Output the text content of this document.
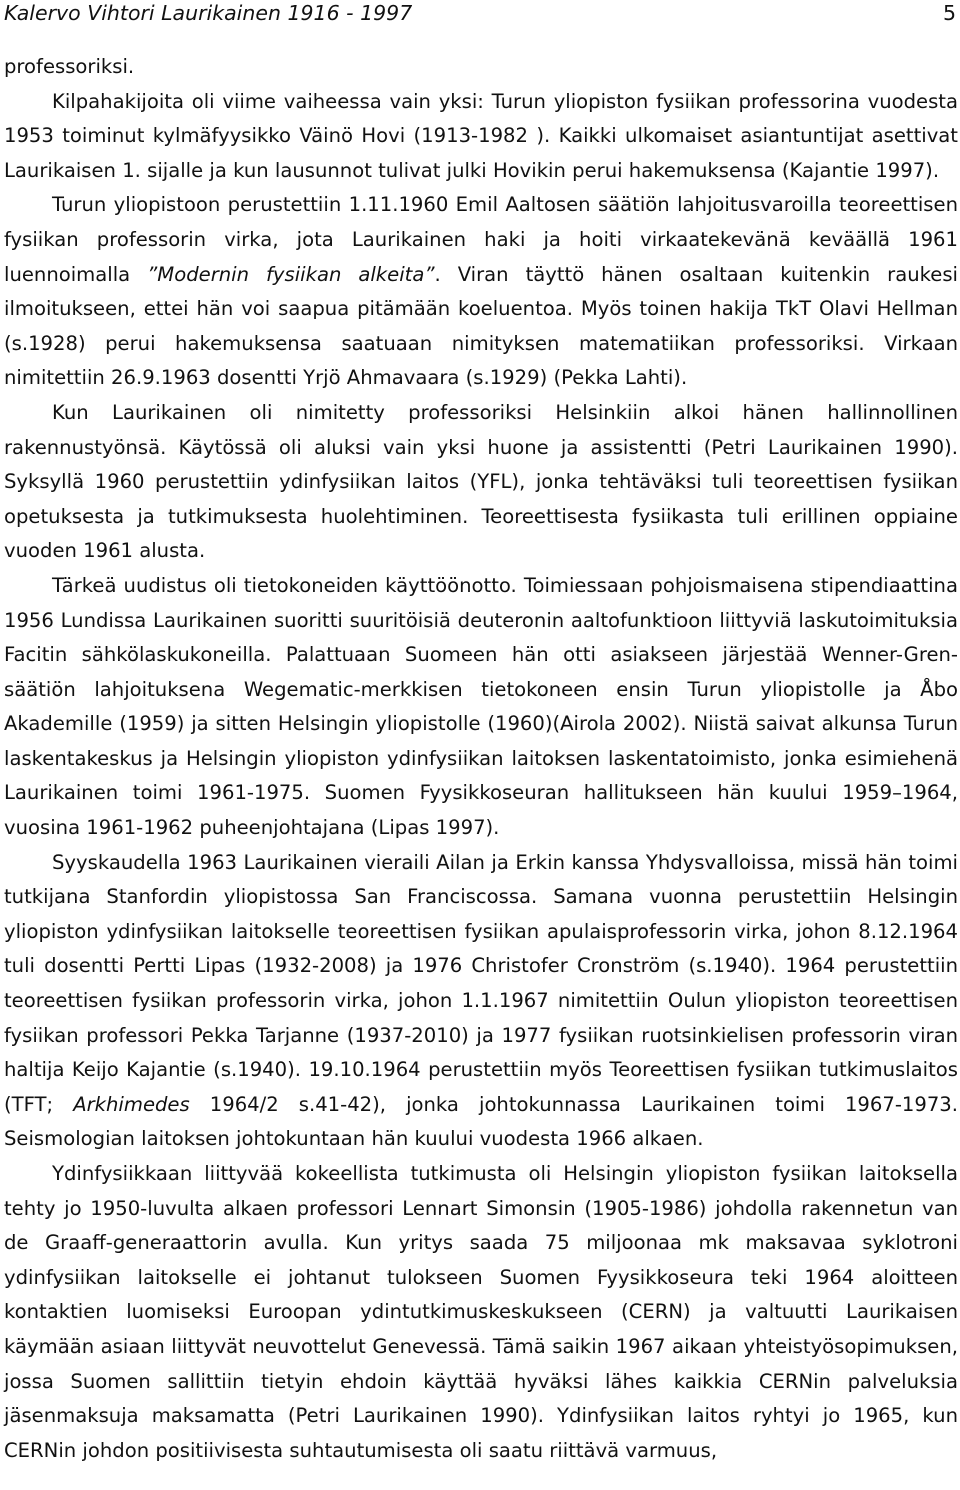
Kalervo Vihtori Laurikainen 1916 - 1997	5

professoriksi.

Kilpahakijoita oli viime vaiheessa vain yksi: Turun yliopiston fysiikan professorina vuodesta 1953 toiminut kylmäfyysikko Väinö Hovi (1913-1982 ). Kaikki ulkomaiset asiantuntijat asettivat Laurikaisen 1. sijalle ja kun lausunnot tulivat julki Hovikin perui hakemuksensa (Kajantie 1997).

Turun yliopistoon perustettiin 1.11.1960 Emil Aaltosen säätiön lahjoitusvaroilla teoreettisen fysiikan professorin virka, jota Laurikainen haki ja hoiti virkaatekevänä keväällä 1961 luennoimalla ”Modernin fysiikan alkeita”. Viran täyttö hänen osaltaan kuitenkin raukesi ilmoitukseen, ettei hän voi saapua pitämään koeluentoa. Myös toinen hakija TkT Olavi Hellman (s.1928) perui hakemuksensa saatuaan nimityksen matematiikan professoriksi. Virkaan nimitettiin 26.9.1963 dosentti Yrjö Ahmavaara (s.1929) (Pekka Lahti).

Kun Laurikainen oli nimitetty professoriksi Helsinkiin alkoi hänen hallinnollinen rakennustyönsä. Käytössä oli aluksi vain yksi huone ja assistentti (Petri Laurikainen 1990). Syksyllä 1960 perustettiin ydinfysiikan laitos (YFL), jonka tehtäväksi tuli teoreettisen fysiikan opetuksesta ja tutkimuksesta huolehtiminen. Teoreettisesta fysiikasta tuli erillinen oppiaine vuoden 1961 alusta.

Tärkeä uudistus oli tietokoneiden käyttöönotto. Toimiessaan pohjoismaisena stipendiaattina 1956 Lundissa Laurikainen suoritti suuritöisiä deuteronin aaltofunktioon liittyviä laskutoimituksia Facitin sähkölaskukoneilla. Palattuaan Suomeen hän otti asiakseen järjestää Wenner-Gren-säätiön lahjoituksena Wegematic-merkkisen tietokoneen ensin Turun yliopistolle ja Åbo Akademille (1959) ja sitten Helsingin yliopistolle (1960)(Airola 2002). Niistä saivat alkunsa Turun laskentakeskus ja Helsingin yliopiston ydinfysiikan laitoksen laskentatoimisto, jonka esimiehenä Laurikainen toimi 1961-1975. Suomen Fyysikkoseuran hallitukseen hän kuului 1959–1964, vuosina 1961-1962 puheenjohtajana (Lipas 1997).

Syyskaudella 1963 Laurikainen vieraili Ailan ja Erkin kanssa Yhdysvalloissa, missä hän toimi tutkijana Stanfordin yliopistossa San Franciscossa. Samana vuonna perustettiin Helsingin yliopiston ydinfysiikan laitokselle teoreettisen fysiikan apulaisprofessorin virka, johon 8.12.1964 tuli dosentti Pertti Lipas (1932-2008) ja 1976 Christofer Cronström (s.1940). 1964 perustettiin teoreettisen fysiikan professorin virka, johon 1.1.1967 nimitettiin Oulun yliopiston teoreettisen fysiikan professori Pekka Tarjanne (1937-2010) ja 1977 fysiikan ruotsinkielisen professorin viran haltija Keijo Kajantie (s.1940). 19.10.1964 perustettiin myös Teoreettisen fysiikan tutkimuslaitos (TFT; Arkhimedes 1964/2 s.41-42), jonka johtokunnassa Laurikainen toimi 1967-1973. Seismologian laitoksen johtokuntaan hän kuului vuodesta 1966 alkaen.

Ydinfysiikkaan liittyvää kokeellista tutkimusta oli Helsingin yliopiston fysiikan laitoksella tehty jo 1950-luvulta alkaen professori Lennart Simonsin (1905-1986) johdolla rakennetun van de Graaff-generaattorin avulla. Kun yritys saada 75 miljoonaa mk maksavaa syklotroni ydinfysiikan laitokselle ei johtanut tulokseen Suomen Fyysikkoseura teki 1964 aloitteen kontaktien luomiseksi Euroopan ydintutkimuskeskukseen (CERN) ja valtuutti Laurikaisen käymään asiaan liittyvät neuvottelut Genevessä. Tämä saikin 1967 aikaan yhteistyösopimuksen, jossa Suomen sallittiin tietyin ehdoin käyttää hyväksi lähes kaikkia CERNin palveluksia jäsenmaksuja maksamatta (Petri Laurikainen 1990). Ydinfysiikan laitos ryhtyi jo 1965, kun CERNin johdon positiivisesta suhtautumisesta oli saatu riittävä varmuus,
